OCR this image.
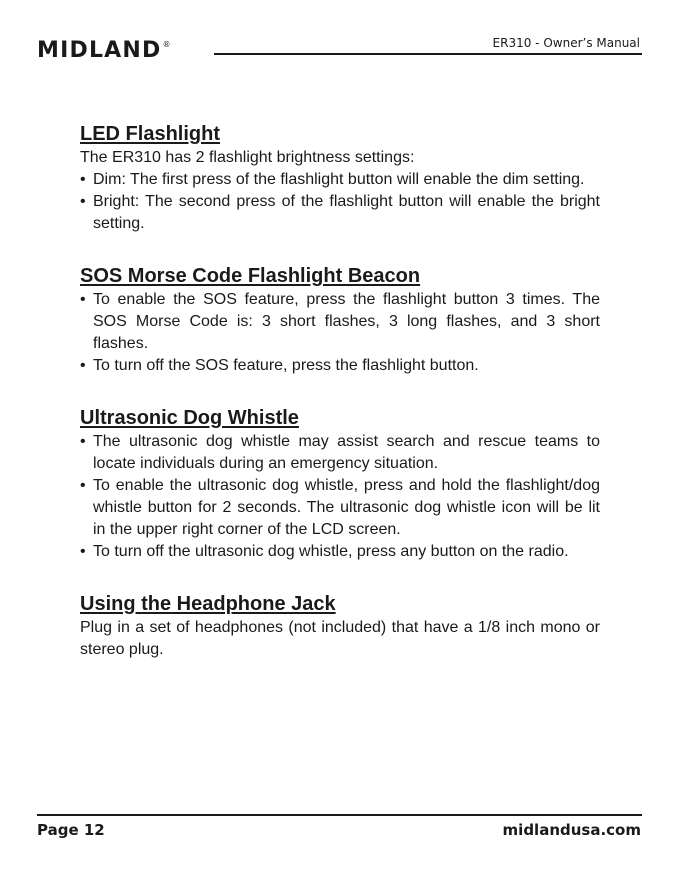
MIDLAND®	ER310 - Owner’s Manual
LED Flashlight

The ER310 has 2 flashlight brightness settings:

• Dim: The first press of the flashlight button will enable the dim setting.
• Bright: The second press of the flashlight button will enable the bright setting.
SOS Morse Code Flashlight Beacon
• To enable the SOS feature, press the flashlight button 3 times. The SOS Morse Code is: 3 short flashes, 3 long flashes, and 3 short flashes.
• To turn off the SOS feature, press the flashlight button.
Ultrasonic Dog Whistle
• The ultrasonic dog whistle may assist search and rescue teams to locate individuals during an emergency situation.
• To enable the ultrasonic dog whistle, press and hold the flashlight/dog whistle button for 2 seconds. The ultrasonic dog whistle icon will be lit in the upper right corner of the LCD screen.
• To turn off the ultrasonic dog whistle, press any button on the radio.
Using the Headphone Jack

Plug in a set of headphones (not included) that have a 1/8 inch mono or stereo plug.

Page 12	midlandusa.com
